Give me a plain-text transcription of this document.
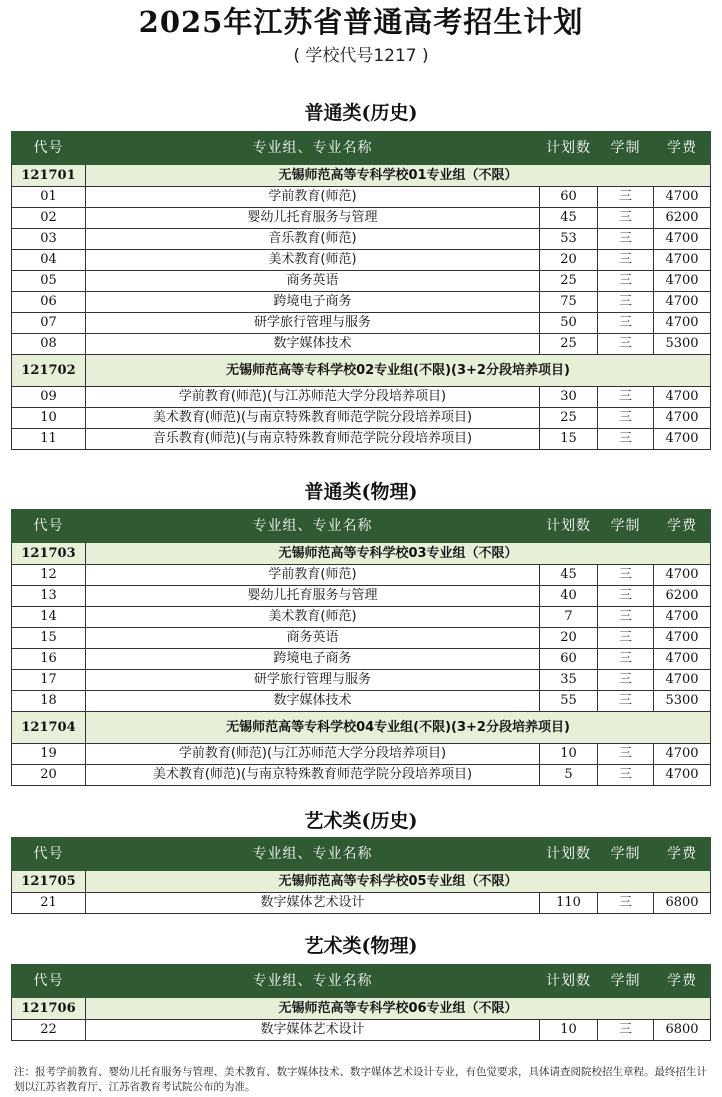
2025年江苏省普通高考招生计划
( 学校代号1217 )
普通类(历史)
代号	专业组、专业名称	计划数	学制	学费
121701	无锡师范高等专科学校01专业组（不限）			
01	学前教育(师范)	60	三	4700
02	婴幼儿托育服务与管理	45	三	6200
03	音乐教育(师范)	53	三	4700
04	美术教育(师范)	20	三	4700
05	商务英语	25	三	4700
06	跨境电子商务	75	三	4700
07	研学旅行管理与服务	50	三	4700
08	数字媒体技术	25	三	5300
121702	无锡师范高等专科学校02专业组(不限)(3+2分段培养项目)			
09	学前教育(师范)(与江苏师范大学分段培养项目)	30	三	4700
10	美术教育(师范)(与南京特殊教育师范学院分段培养项目)	25	三	4700
11	音乐教育(师范)(与南京特殊教育师范学院分段培养项目)	15	三	4700
普通类(物理)
代号	专业组、专业名称	计划数	学制	学费
121703	无锡师范高等专科学校03专业组（不限）			
12	学前教育(师范)	45	三	4700
13	婴幼儿托育服务与管理	40	三	6200
14	美术教育(师范)	7	三	4700
15	商务英语	20	三	4700
16	跨境电子商务	60	三	4700
17	研学旅行管理与服务	35	三	4700
18	数字媒体技术	55	三	5300
121704	无锡师范高等专科学校04专业组(不限)(3+2分段培养项目)			
19	学前教育(师范)(与江苏师范大学分段培养项目)	10	三	4700
20	美术教育(师范)(与南京特殊教育师范学院分段培养项目)	5	三	4700
艺术类(历史)
代号	专业组、专业名称	计划数	学制	学费
121705	无锡师范高等专科学校05专业组（不限）			
21	数字媒体艺术设计	110	三	6800
艺术类(物理)
代号	专业组、专业名称	计划数	学制	学费
121706	无锡师范高等专科学校06专业组（不限）			
22	数字媒体艺术设计	10	三	6800
注：报考学前教育、婴幼儿托育服务与管理、美术教育、数字媒体技术、数字媒体艺术设计专业，有色觉要求，具体请查阅院校招生章程。最终招生计划以江苏省教育厅、江苏省教育考试院公布的为准。
